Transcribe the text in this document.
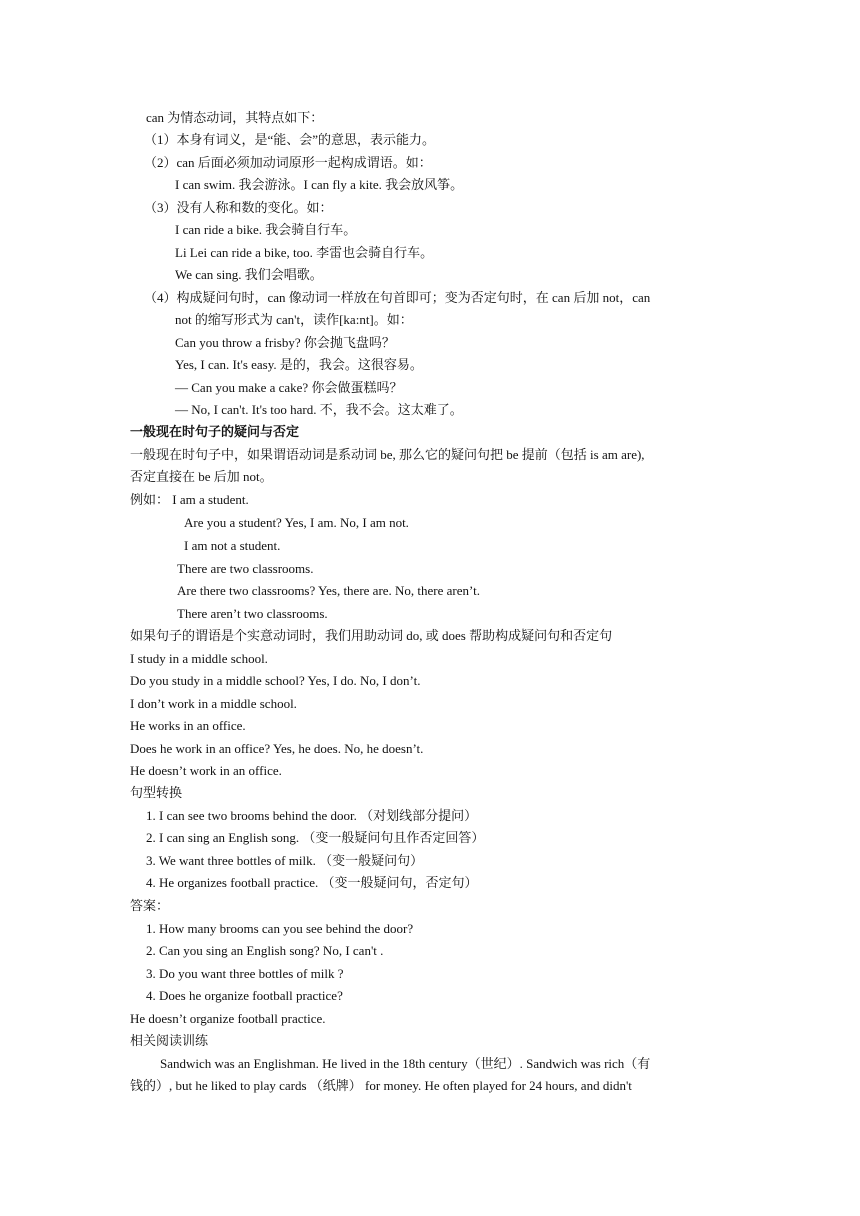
can 为情态动词，其特点如下：
（1）本身有词义，是“能、会”的意思，表示能力。
（2）can 后面必须加动词原形一起构成谓语。如：
I can swim. 我会游泳。I can fly a kite. 我会放风筝。
（3）没有人称和数的变化。如：
I can ride a bike. 我会骑自行车。
Li Lei can ride a bike, too. 李雷也会骑自行车。
We can sing. 我们会唱歌。
（4）构成疑问句时，can 像动词一样放在句首即可；变为否定句时，在 can 后加 not，can
not 的缩写形式为 can't，读作[ka:nt]。如：
Can you throw a frisby? 你会抛飞盘吗？
Yes, I can. It's easy. 是的，我会。这很容易。
— Can you make a cake? 你会做蛋糕吗？
— No, I can't. It's too hard. 不，我不会。这太难了。
一般现在时句子的疑问与否定
一般现在时句子中，如果谓语动词是系动词 be, 那么它的疑问句把 be 提前（包括 is am are),
否定直接在 be 后加 not。
例如： I am a student.
Are you a student? Yes, I am. No, I am not.
I am not a student.
There are two classrooms.
Are there two classrooms? Yes, there are. No, there aren’t.
There aren’t two classrooms.
如果句子的谓语是个实意动词时，我们用助动词 do, 或 does 帮助构成疑问句和否定句
I study in a middle school.
Do you study in a middle school? Yes, I do. No, I don’t.
I don’t work in a middle school.
He works in an office.
Does he work in an office? Yes, he does. No, he doesn’t.
He doesn’t work in an office.
句型转换
1. I can see two brooms behind the door. （对划线部分提问）
2. I can sing an English song. （变一般疑问句且作否定回答）
3. We want three bottles of milk. （变一般疑问句）
4. He organizes football practice. （变一般疑问句，否定句）
答案：
1. How many brooms can you see behind the door?
2. Can you sing an English song? No, I can't .
3. Do you want three bottles of milk ?
4. Does he organize football practice?
He doesn’t organize football practice.
相关阅读训练
Sandwich was an Englishman. He lived in the 18th century（世纪）. Sandwich was rich（有
钱的）, but he liked to play cards （纸牌） for money. He often played for 24 hours, and didn't
